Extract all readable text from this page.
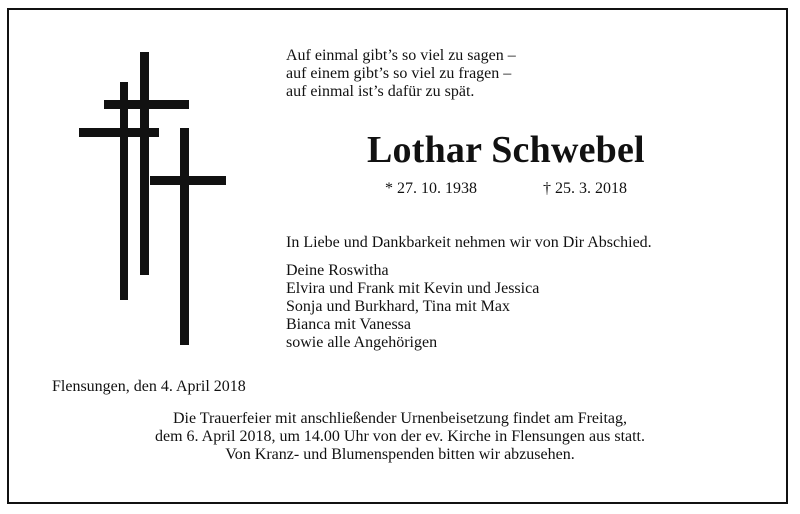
Auf einmal gibt’s so viel zu sagen –
auf einem gibt’s so viel zu fragen –
auf einmal ist’s dafür zu spät.
Lothar Schwebel
* 27. 10. 1938	† 25. 3. 2018
In Liebe und Dankbarkeit nehmen wir von Dir Abschied.
Deine Roswitha
Elvira und Frank mit Kevin und Jessica
Sonja und Burkhard, Tina mit Max
Bianca mit Vanessa
sowie alle Angehörigen
Flensungen, den 4. April 2018
Die Trauerfeier mit anschließender Urnenbeisetzung findet am Freitag,
dem 6. April 2018, um 14.00 Uhr von der ev. Kirche in Flensungen aus statt.
Von Kranz- und Blumenspenden bitten wir abzusehen.
